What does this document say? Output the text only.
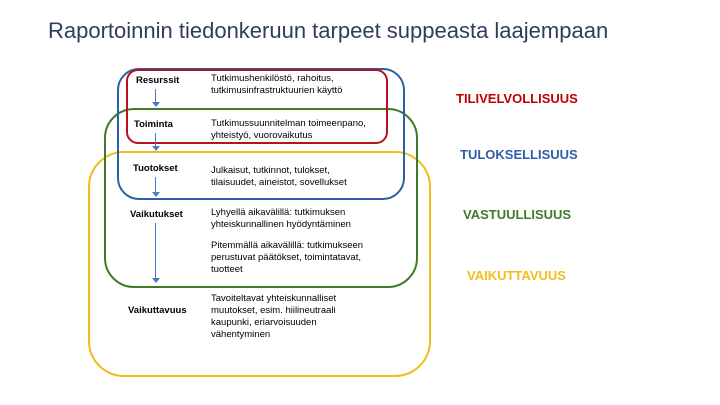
Raportoinnin tiedonkeruun tarpeet suppeasta laajempaan
Resurssit
Toiminta
Tuotokset
Vaikutukset
Vaikuttavuus
Tutkimushenkilöstö, rahoitus,
tutkimusinfrastruktuurien käyttö
Tutkimussuunnitelman toimeenpano,
yhteistyö, vuorovaikutus
Julkaisut, tutkinnot, tulokset,
tilaisuudet, aineistot, sovellukset
Lyhyellä aikavälillä: tutkimuksen
yhteiskunnallinen hyödyntäminen
Pitemmällä aikavälillä: tutkimukseen
perustuvat päätökset, toimintatavat,
tuotteet
Tavoiteltavat yhteiskunnalliset
muutokset, esim. hiilineutraali
kaupunki, eriarvoisuuden
vähentyminen
TILIVELVOLLISUUS
TULOKSELLISUUS
VASTUULLISUUS
VAIKUTTAVUUS
